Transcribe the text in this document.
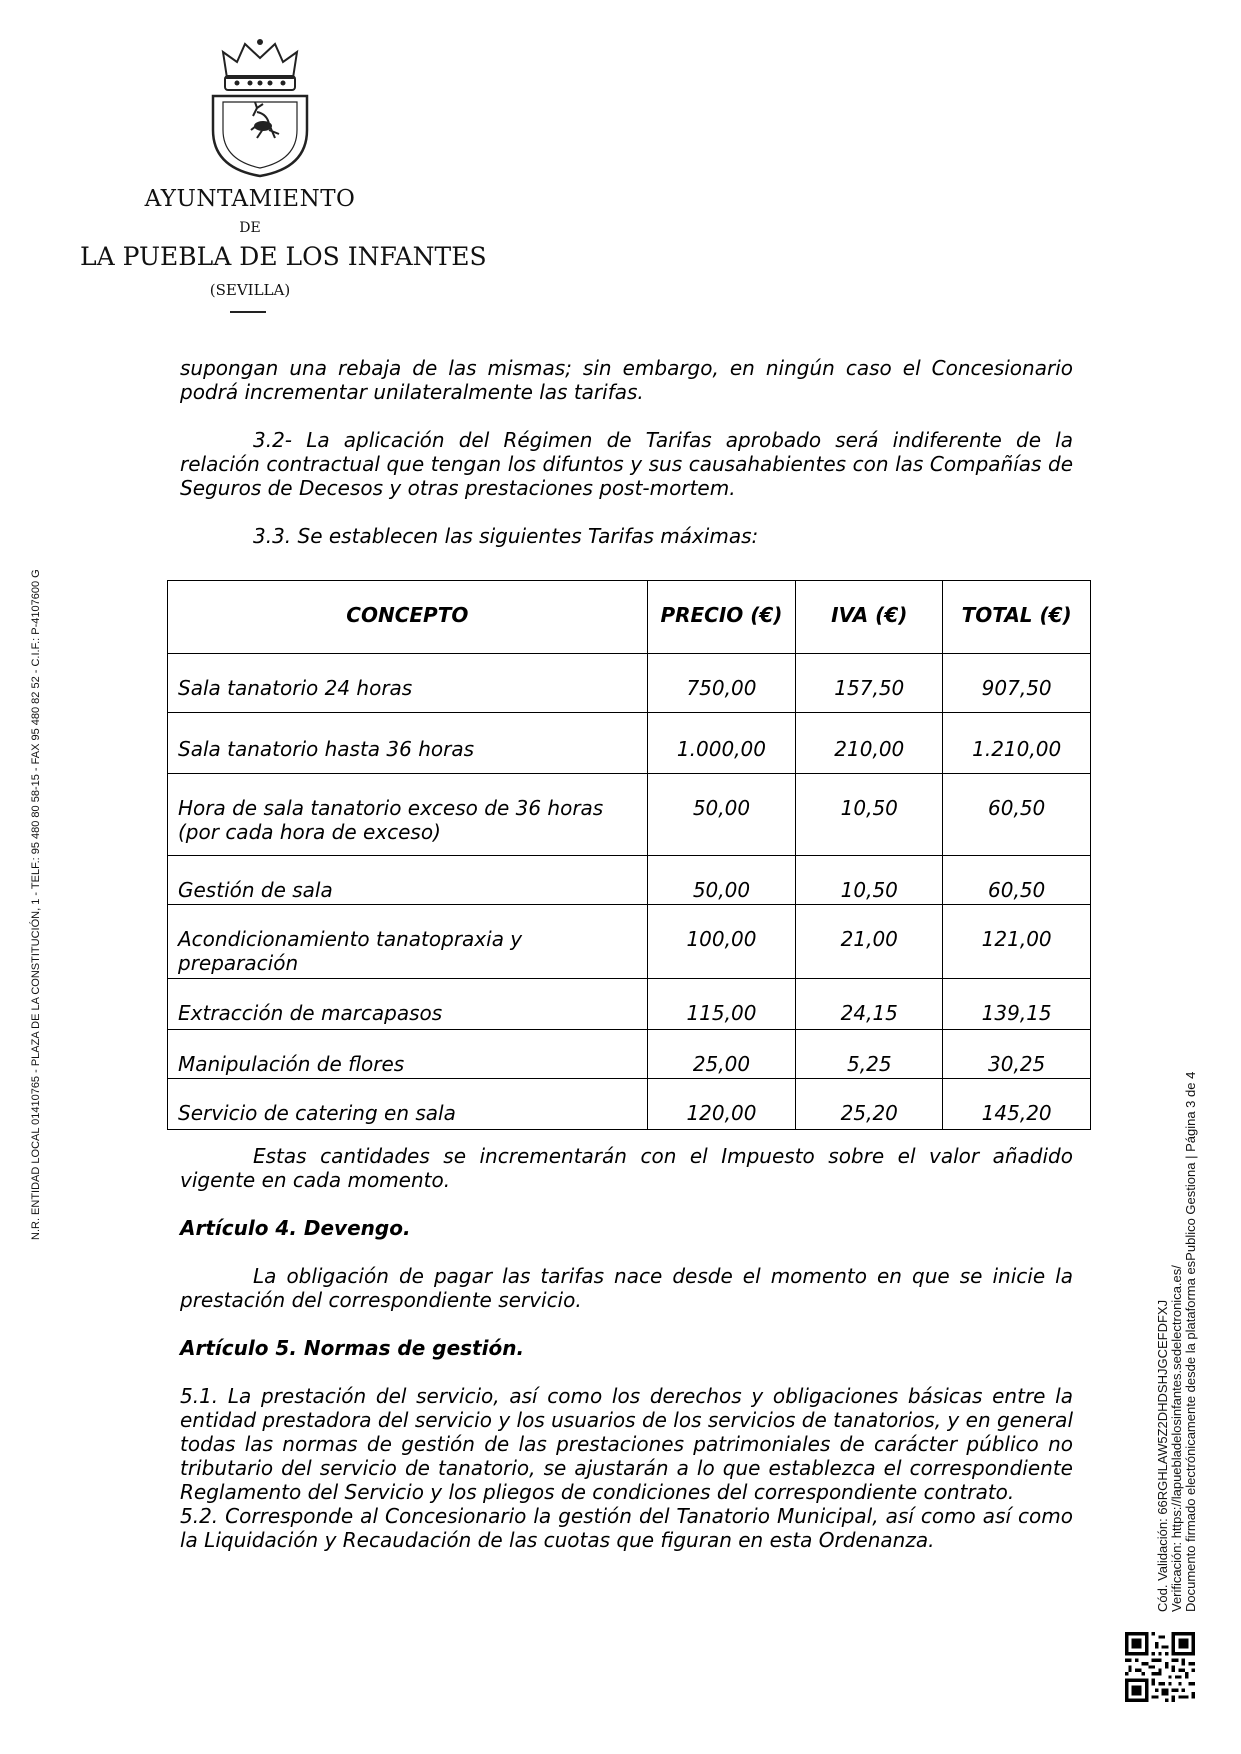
AYUNTAMIENTO
DE
LA PUEBLA DE LOS INFANTES
(SEVILLA)
N.R. ENTIDAD LOCAL 01410765 - PLAZA DE LA CONSTITUCIÓN, 1 - TELF.: 95 480 80 58-15 - FAX 95 480 82 52 - C.I.F.: P-4107600 G
Cód. Validación: 66RGHLAW5Z2DHDSHJGCEFDFXJ Verificación: https://lapuebladelosinfantes.sedelectronica.es/ Documento firmado electrónicamente desde la plataforma esPublico Gestiona | Página 3 de 4

supongan una rebaja de las mismas; sin embargo, en ningún caso el Concesionario podrá incrementar unilateralmente las tarifas.

3.2- La aplicación del Régimen de Tarifas aprobado será indiferente de la relación contractual que tengan los difuntos y sus causahabientes con las Compañías de Seguros de Decesos y otras prestaciones post-mortem.

3.3. Se establecen las siguientes Tarifas máximas:

CONCEPTO	PRECIO (€)	IVA (€)	TOTAL (€)
Sala tanatorio 24 horas	750,00	157,50	907,50
Sala tanatorio hasta 36 horas	1.000,00	210,00	1.210,00
Hora de sala tanatorio exceso de 36 horas (por cada hora de exceso)	50,00	10,50	60,50
Gestión de sala	50,00	10,50	60,50
Acondicionamiento tanatopraxia y preparación	100,00	21,00	121,00
Extracción de marcapasos	115,00	24,15	139,15
Manipulación de flores	25,00	5,25	30,25
Servicio de catering en sala	120,00	25,20	145,20

Estas cantidades se incrementarán con el Impuesto sobre el valor añadido vigente en cada momento.

Artículo 4. Devengo.

La obligación de pagar las tarifas nace desde el momento en que se inicie la prestación del correspondiente servicio.

Artículo 5. Normas de gestión.

5.1. La prestación del servicio, así como los derechos y obligaciones básicas entre la entidad prestadora del servicio y los usuarios de los servicios de tanatorios, y en general todas las normas de gestión de las prestaciones patrimoniales de carácter público no tributario del servicio de tanatorio, se ajustarán a lo que establezca el correspondiente Reglamento del Servicio y los pliegos de condiciones del correspondiente contrato.

5.2. Corresponde al Concesionario la gestión del Tanatorio Municipal, así como así como la Liquidación y Recaudación de las cuotas que figuran en esta Ordenanza.
